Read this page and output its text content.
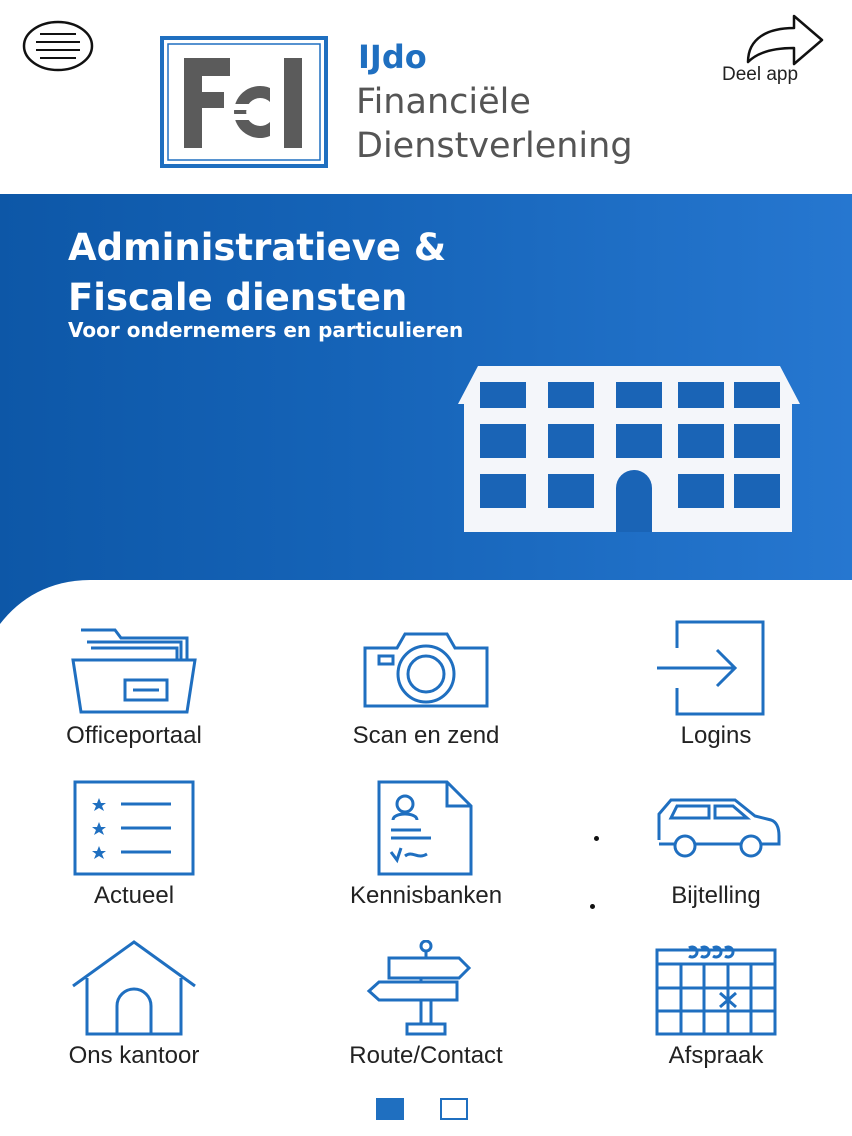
IJdo
Financiële
Dienstverlening
Deel app
Administratieve &
Fiscale diensten
Voor ondernemers en particulieren
Officeportaal	Scan en zend	Logins
Actueel	Kennisbanken	Bijtelling
Ons kantoor	Route/Contact	Afspraak
